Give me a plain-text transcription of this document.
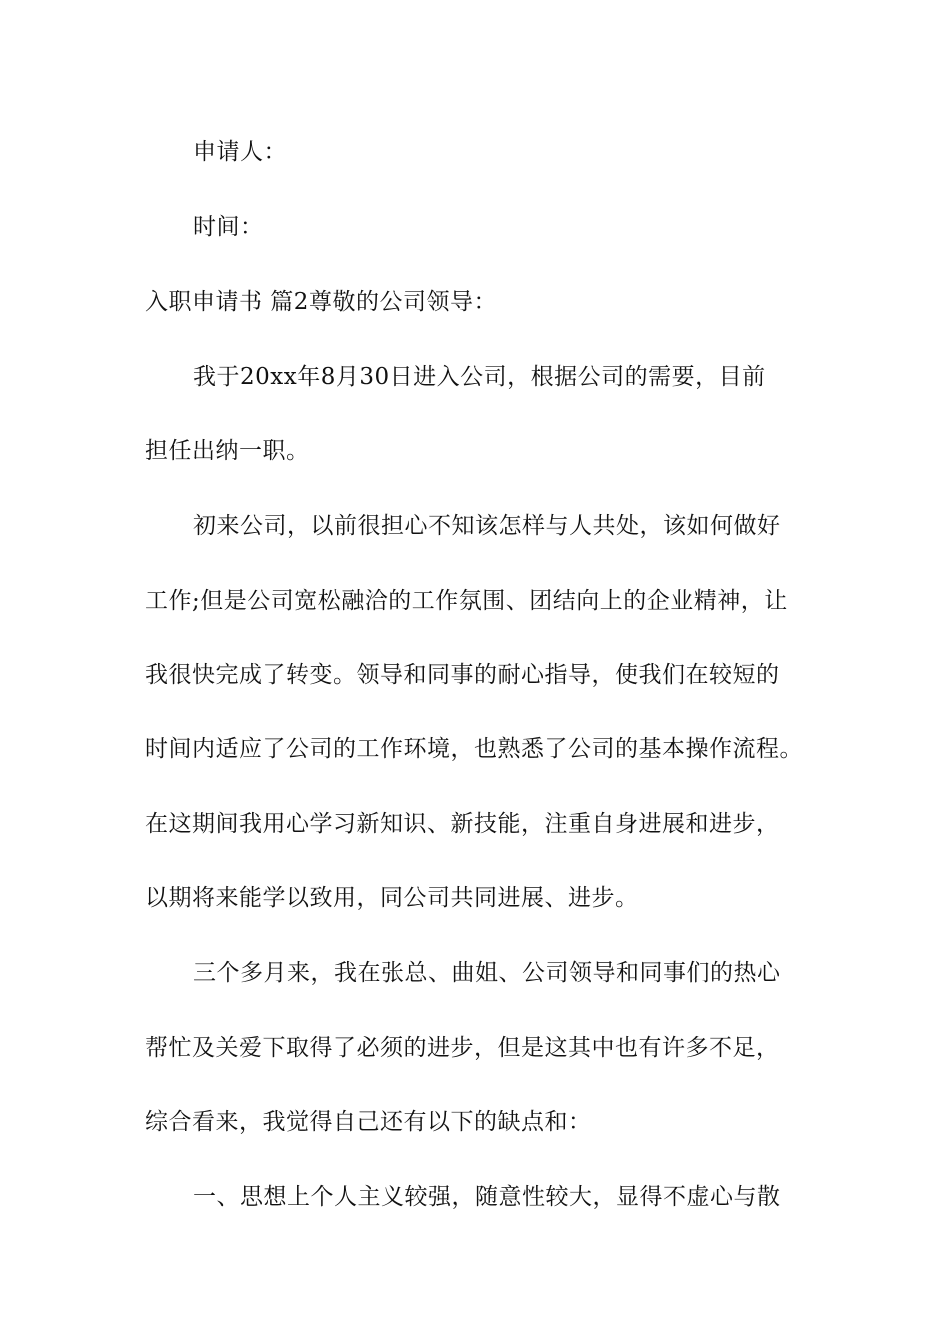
申请人：
时间：
入职申请书 篇2尊敬的公司领导：
我于20xx年8月30日进入公司，根据公司的需要，目前
担任出纳一职。
初来公司，以前很担心不知该怎样与人共处，该如何做好
工作;但是公司宽松融洽的工作氛围、团结向上的企业精神，让
我很快完成了转变。领导和同事的耐心指导，使我们在较短的
时间内适应了公司的工作环境，也熟悉了公司的基本操作流程。
在这期间我用心学习新知识、新技能，注重自身进展和进步，
以期将来能学以致用，同公司共同进展、进步。
三个多月来，我在张总、曲姐、公司领导和同事们的热心
帮忙及关爱下取得了必须的进步，但是这其中也有许多不足，
综合看来，我觉得自己还有以下的缺点和：
一、思想上个人主义较强，随意性较大，显得不虚心与散
